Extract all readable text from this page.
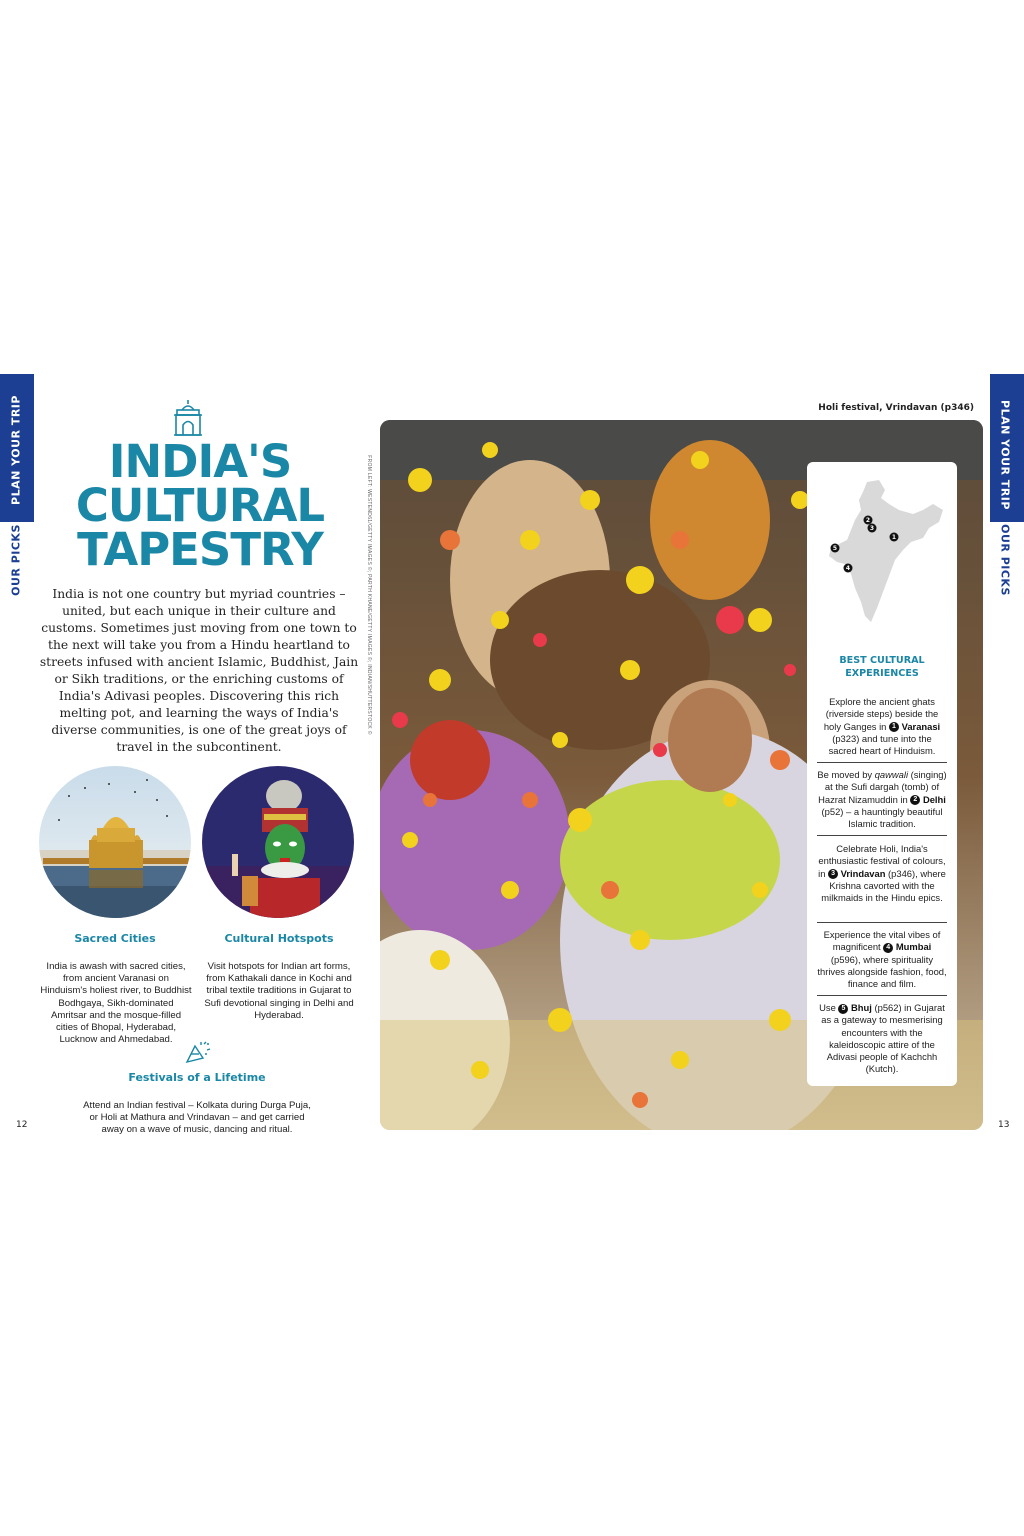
PLAN YOUR TRIP
OUR PICKS
PLAN YOUR TRIP
OUR PICKS
INDIA'S
CULTURAL
TAPESTRY
India is not one country but myriad countries – united, but each unique in their culture and customs. Sometimes just moving from one town to the next will take you from a Hindu heartland to streets infused with ancient Islamic, Buddhist, Jain or Sikh traditions, or the enriching customs of India's Adivasi peoples. Discovering this rich melting pot, and learning the ways of India's diverse communities, is one of the great joys of travel in the subcontinent.
Sacred Cities
India is awash with sacred cities, from ancient Varanasi on Hinduism's holiest river, to Buddhist Bodhgaya, Sikh-dominated Amritsar and the mosque-filled cities of Bhopal, Hyderabad, Lucknow and Ahmedabad.
Cultural Hotspots
Visit hotspots for Indian art forms, from Kathakali dance in Kochi and tribal textile traditions in Gujarat to Sufi devotional singing in Delhi and Hyderabad.
Festivals of a Lifetime
Attend an Indian festival – Kolkata during Durga Puja, or Holi at Mathura and Vrindavan – and get carried away on a wave of music, dancing and ritual.
12	13
Holi festival, Vrindavan (p346)
FROM LEFT: WESTEND61/GETTY IMAGES ©; PARTH KHANE/GETTY IMAGES ©; INDIAN/SHUTTERSTOCK ©	2
3
1
5
4
BEST CULTURAL
EXPERIENCES
Explore the ancient ghats (riverside steps) beside the holy Ganges in 1 Varanasi (p323) and tune into the sacred heart of Hinduism.
Be moved by qawwali (singing) at the Sufi dargah (tomb) of Hazrat Nizamuddin in 2 Delhi (p52) – a hauntingly beautiful Islamic tradition.
Celebrate Holi, India's enthusiastic festival of colours, in 3 Vrindavan (p346), where Krishna cavorted with the milkmaids in the Hindu epics.
Experience the vital vibes of magnificent 4 Mumbai (p596), where spirituality thrives alongside fashion, food, finance and film.
Use 5 Bhuj (p562) in Gujarat as a gateway to mesmerising encounters with the kaleidoscopic attire of the Adivasi people of Kachchh (Kutch).
